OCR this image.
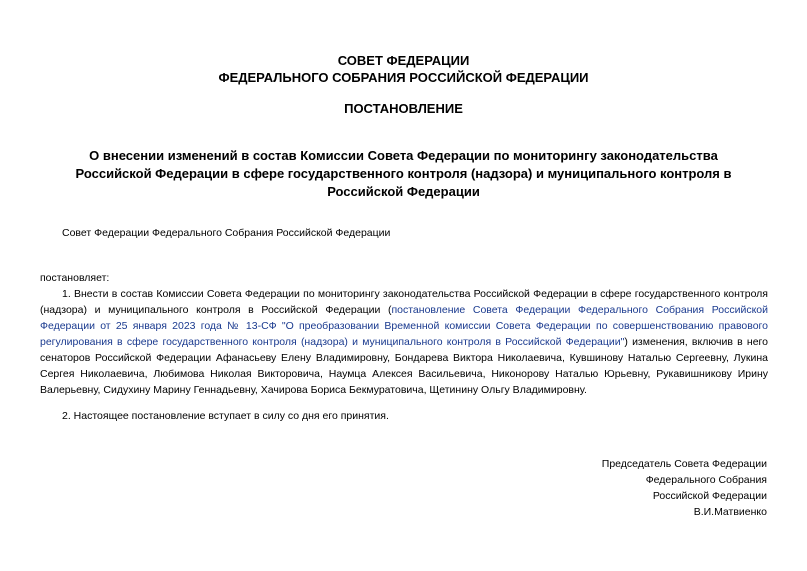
СОВЕТ ФЕДЕРАЦИИ
ФЕДЕРАЛЬНОГО СОБРАНИЯ РОССИЙСКОЙ ФЕДЕРАЦИИ
ПОСТАНОВЛЕНИЕ
О внесении изменений в состав Комиссии Совета Федерации по мониторингу законодательства
Российской Федерации в сфере государственного контроля (надзора) и муниципального контроля в
Российской Федерации
Совет Федерации Федерального Собрания Российской Федерации
постановляет:
1. Внести в состав Комиссии Совета Федерации по мониторингу законодательства Российской Федерации в сфере государственного контроля (надзора) и муниципального контроля в Российской Федерации (постановление Совета Федерации Федерального Собрания Российской Федерации от 25 января 2023 года № 13-СФ "О преобразовании Временной комиссии Совета Федерации по совершенствованию правового регулирования в сфере государственного контроля (надзора) и муниципального контроля в Российской Федерации") изменения, включив в него сенаторов Российской Федерации Афанасьеву Елену Владимировну, Бондарева Виктора Николаевича, Кувшинову Наталью Сергеевну, Лукина Сергея Николаевича, Любимова Николая Викторовича, Наумца Алексея Васильевича, Никонорову Наталью Юрьевну, Рукавишникову Ирину Валерьевну, Сидухину Марину Геннадьевну, Хачирова Бориса Бекмуратовича, Щетинину Ольгу Владимировну.
2. Настоящее постановление вступает в силу со дня его принятия.
Председатель Совета Федерации
Федерального Собрания
Российской Федерации
В.И.Матвиенко
